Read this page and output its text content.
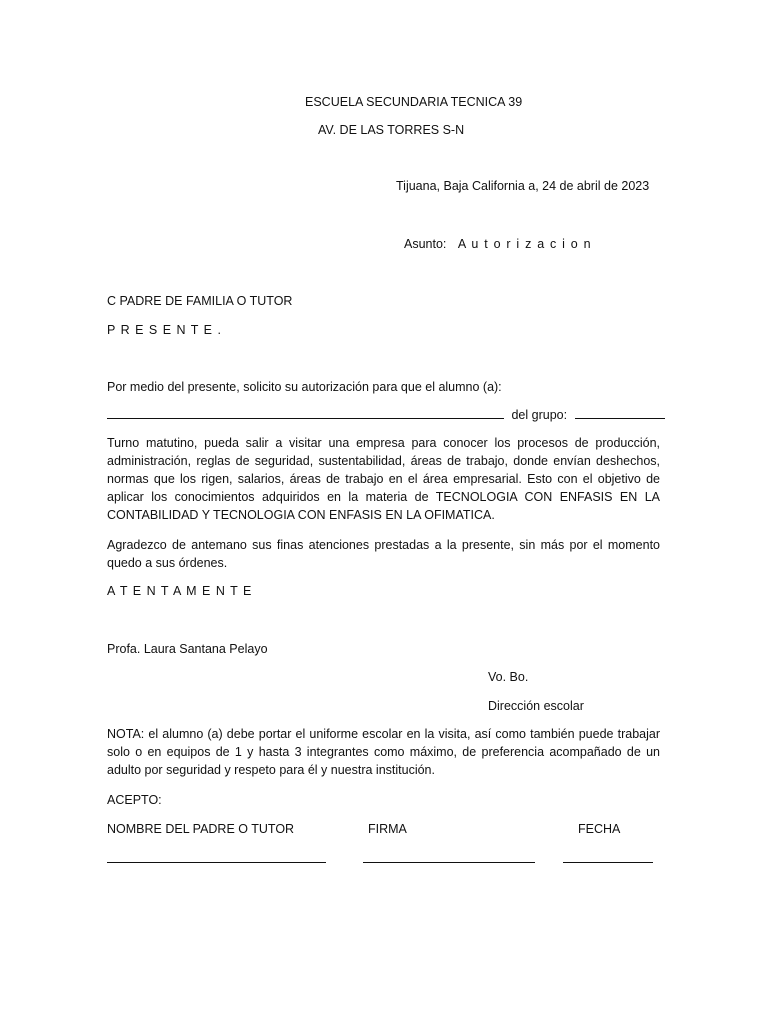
ESCUELA SECUNDARIA TECNICA 39
AV. DE LAS TORRES S-N
Tijuana, Baja California a, 24 de abril de 2023
Asunto: A u t o r i z a c i o n
C PADRE DE FAMILIA O TUTOR
P R E S E N T E .
Por medio del presente, solicito su autorización para que el alumno (a):
del grupo:
Turno matutino, pueda salir a visitar una empresa para conocer los procesos de producción, administración, reglas de seguridad, sustentabilidad, áreas de trabajo, donde envían deshechos, normas que los rigen, salarios, áreas de trabajo en el área empresarial. Esto con el objetivo de aplicar los conocimientos adquiridos en la materia de TECNOLOGIA CON ENFASIS EN LA CONTABILIDAD Y TECNOLOGIA CON ENFASIS EN LA OFIMATICA.
Agradezco de antemano sus finas atenciones prestadas a la presente, sin más por el momento quedo a sus órdenes.
A T E N T A M E N T E
Profa. Laura Santana Pelayo
Vo. Bo.
Dirección escolar
NOTA: el alumno (a) debe portar el uniforme escolar en la visita, así como también puede trabajar solo o en equipos de 1 y hasta 3 integrantes como máximo, de preferencia acompañado de un adulto por seguridad y respeto para él y nuestra institución.
ACEPTO:
NOMBRE DEL PADRE O TUTOR	FIRMA	FECHA
